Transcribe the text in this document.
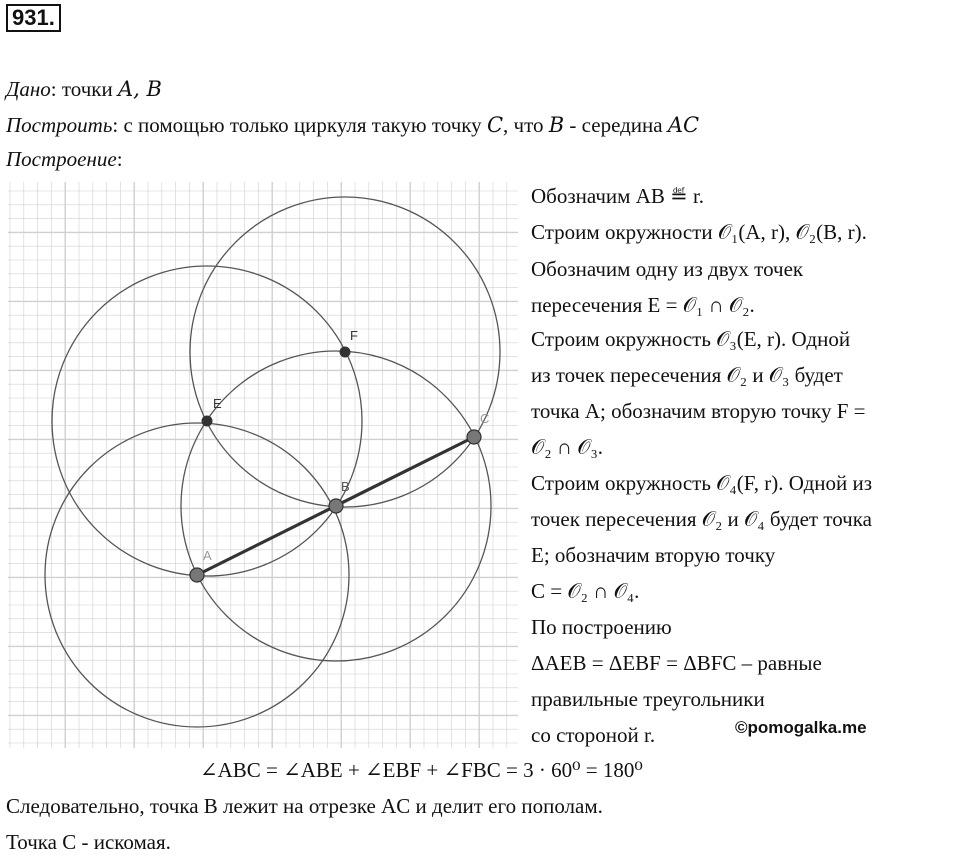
931.
Дано: точки A, B
Построить: с помощью только циркуля такую точку C, что B - середина AC
Построение:
A
B
C
E
F
Обозначим AB ≝ r.
Строим окружности 𝒪₁(A, r), 𝒪₂(B, r).
Обозначим одну из двух точек
пересечения E = 𝒪₁ ∩ 𝒪₂.
Строим окружность 𝒪₃(E, r). Одной
из точек пересечения 𝒪₂ и 𝒪₃ будет
точка A; обозначим вторую точку F =
𝒪₂ ∩ 𝒪₃.
Строим окружность 𝒪₄(F, r). Одной из
точек пересечения 𝒪₂ и 𝒪₄ будет точка
E; обозначим вторую точку
C = 𝒪₂ ∩ 𝒪₄.
По построению
ΔAEB = ΔEBF = ΔBFC – равные
правильные треугольники
со стороной r.	©pomogalka.me
∠ABC = ∠ABE + ∠EBF + ∠FBC = 3 · 60⁰ = 180⁰
Следовательно, точка B лежит на отрезке AC и делит его пополам.
Точка C - искомая.
